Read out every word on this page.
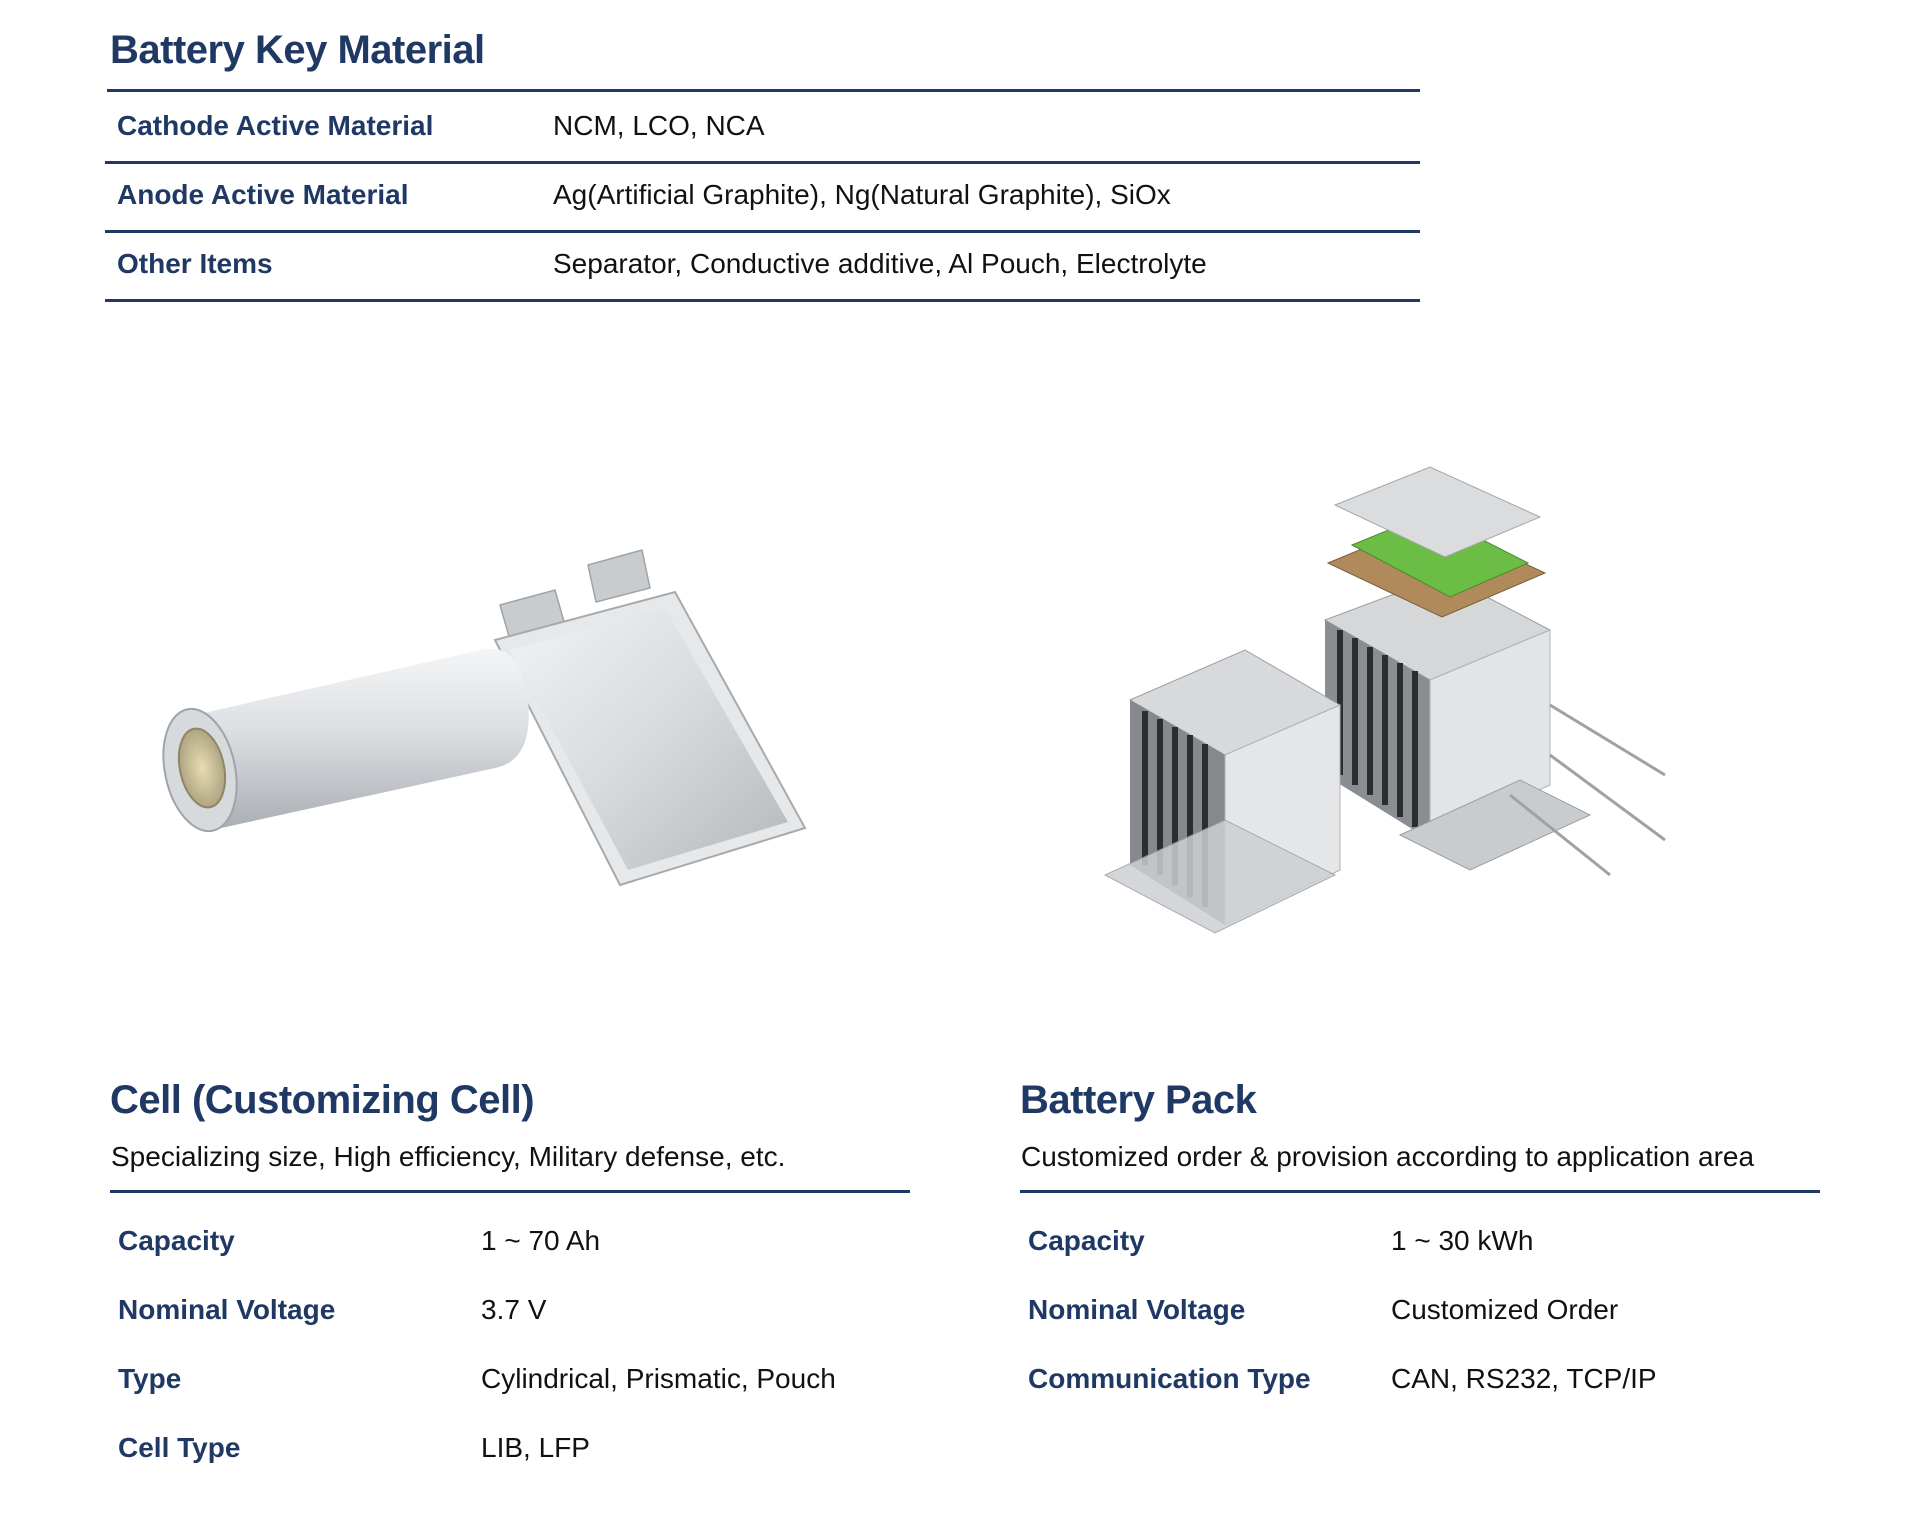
Battery Key Material
Cathode Active Material	NCM, LCO, NCA
Anode Active Material	Ag(Artificial Graphite), Ng(Natural Graphite), SiOx
Other Items	Separator, Conductive additive, Al Pouch, Electrolyte
Cell (Customizing Cell)
Specializing size, High efficiency, Military defense, etc.
Capacity	1 ~ 70 Ah
Nominal Voltage	3.7 V
Type	Cylindrical, Prismatic, Pouch
Cell Type	LIB, LFP
Battery Pack
Customized order & provision according to application area
Capacity	1 ~ 30 kWh
Nominal Voltage	Customized Order
Communication Type	CAN, RS232, TCP/IP
